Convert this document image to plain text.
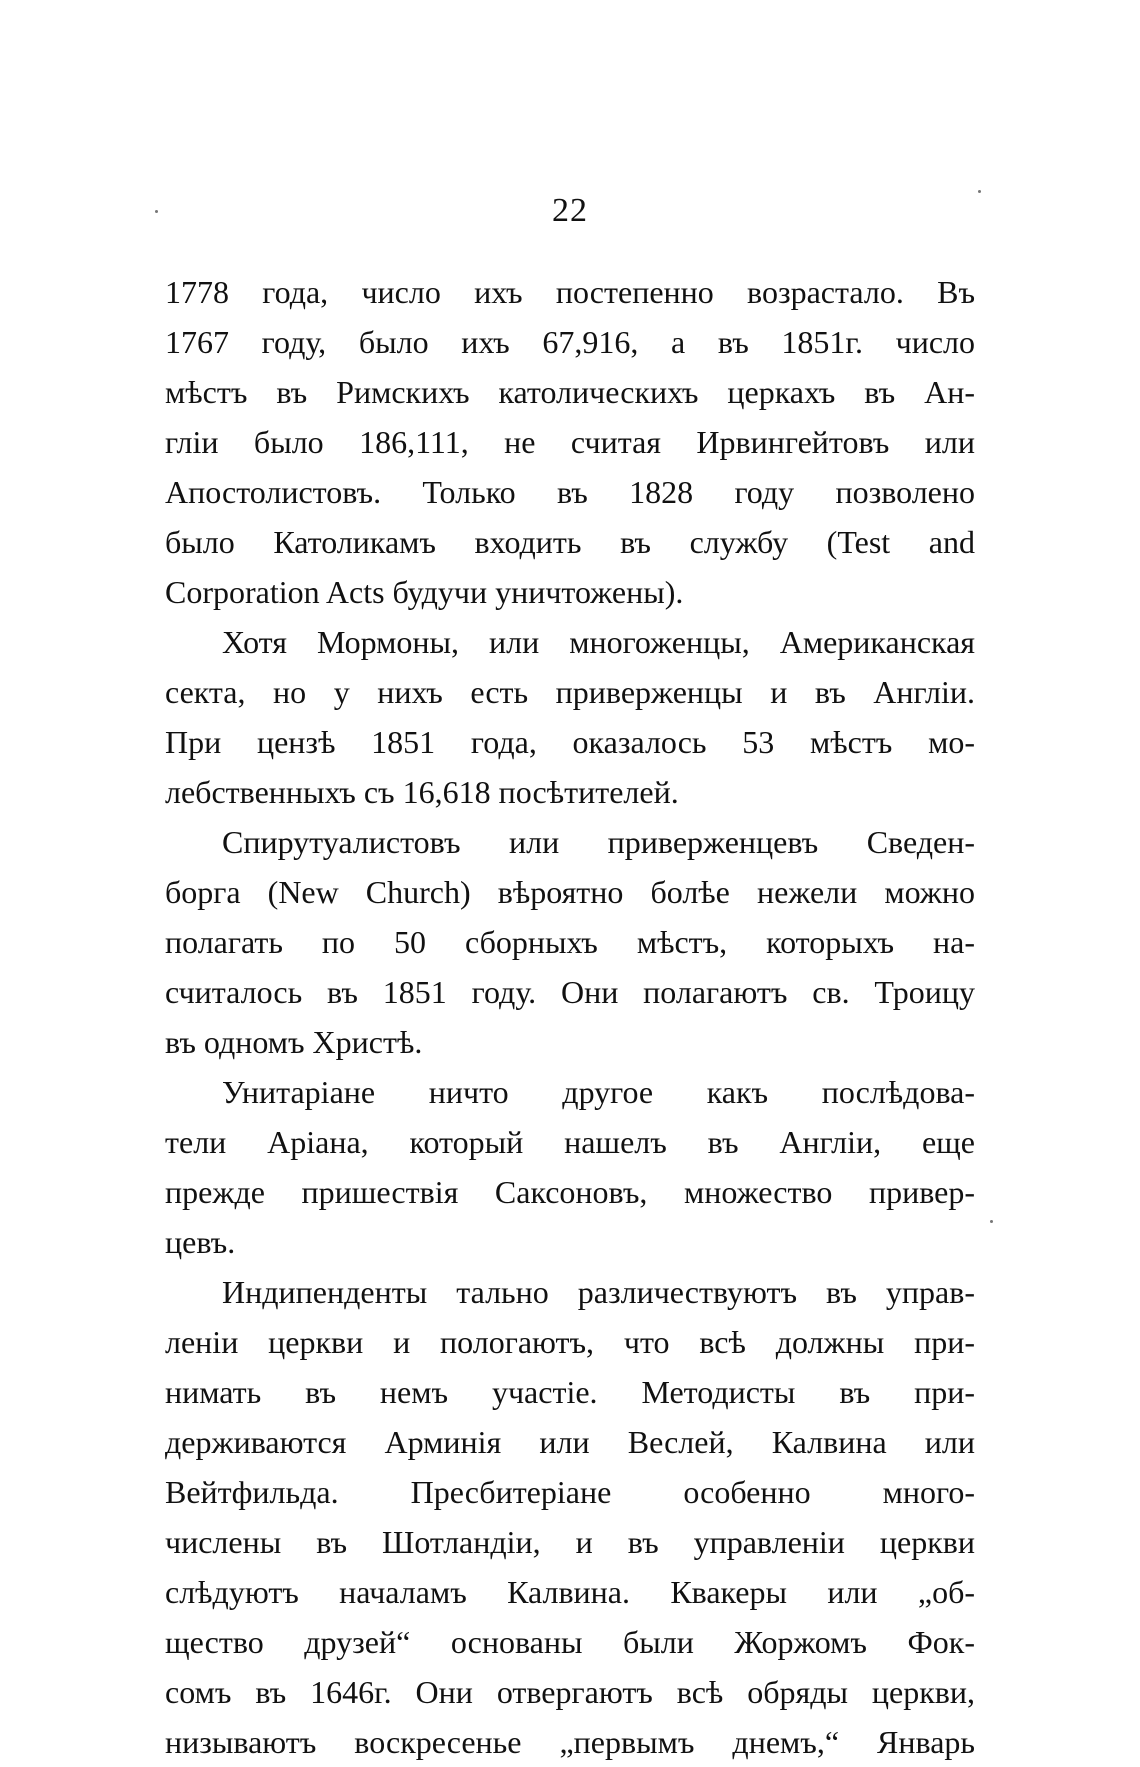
22
1778 года, число ихъ постепенно возрастало. Въ
1767 году, было ихъ 67,916, а въ 1851г. число
мѣстъ въ Римскихъ католическихъ церкахъ въ Ан-
гліи было 186,111, не считая Ирвингейтовъ или
Апостолистовъ. Только въ 1828 году позволено
было Католикамъ входить въ службу (Test and
Corporation Acts будучи уничтожены).
Хотя Мормоны, или многоженцы, Американская
секта, но у нихъ есть приверженцы и въ Англіи.
При цензѣ 1851 года, оказалось 53 мѣстъ мо-
лебственныхъ съ 16,618 посѣтителей.
Спирутуалистовъ или приверженцевъ Сведен-
борга (New Church) вѣроятно болѣе нежели можно
полагать по 50 сборныхъ мѣстъ, которыхъ на-
считалось въ 1851 году. Они полагаютъ св. Троицу
въ одномъ Христѣ.
Унитаріане ничто другое какъ послѣдова-
тели Аріана, который нашелъ въ Англіи, еще
прежде пришествія Саксоновъ, множество привер-
цевъ.
Индипенденты тально различествуютъ въ управ-
леніи церкви и пологаютъ, что всѣ должны при-
нимать въ немъ участіе. Методисты въ при-
держиваются Арминія или Веслей, Калвина или
Вейтфильда. Пресбитеріане особенно много-
числены въ Шотландіи, и въ управленіи церкви
слѣдуютъ началамъ Калвина. Квакеры или „об-
щество друзей“ основаны были Жоржомъ Фок-
сомъ въ 1646г. Они отвергаютъ всѣ обряды церкви,
низываютъ воскресенье „первымъ днемъ,“ Январь
